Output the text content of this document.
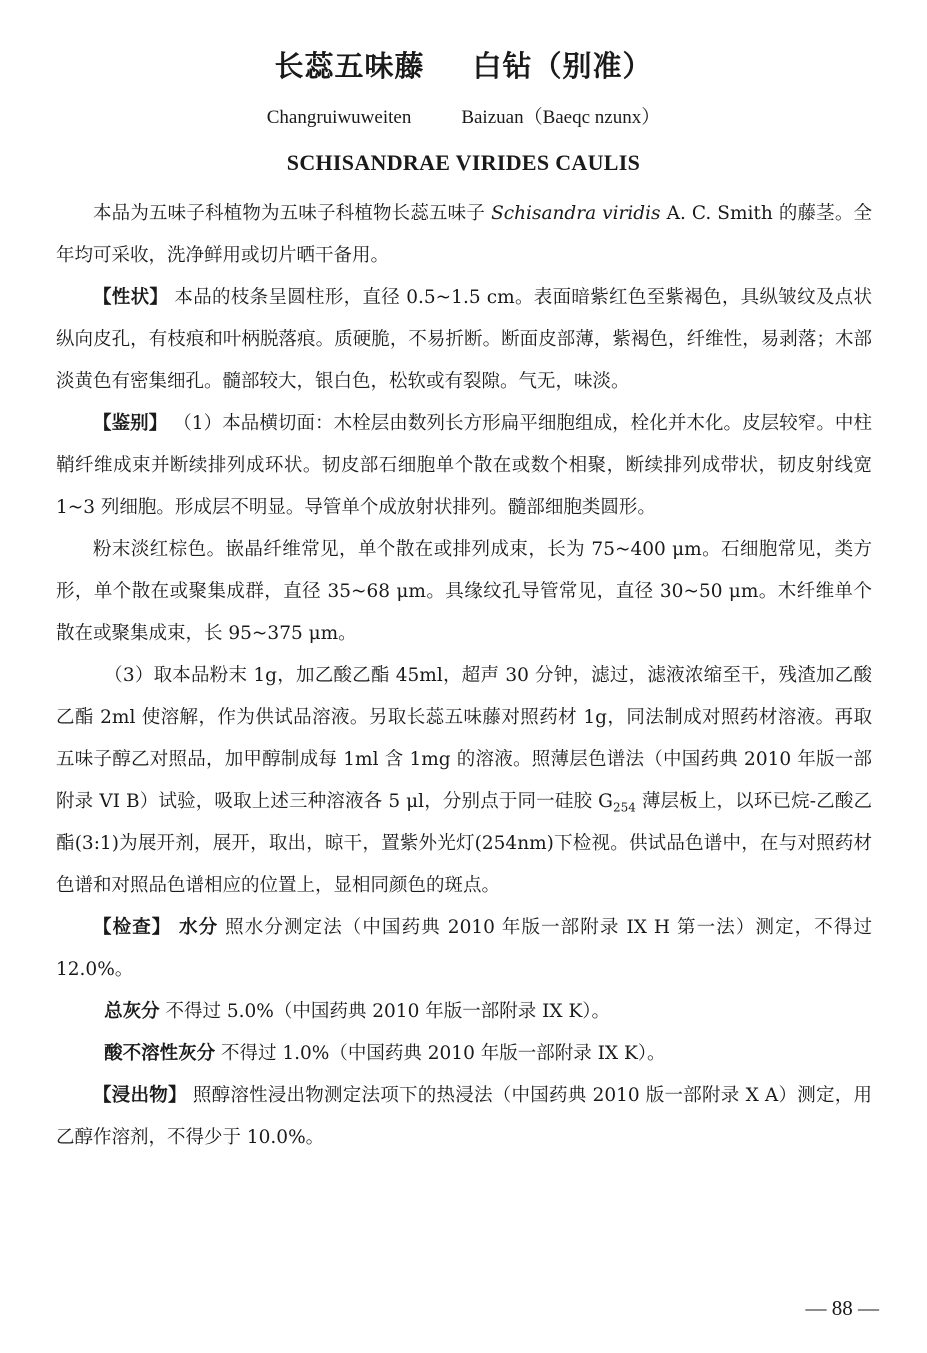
长蕊五味藤 白钻（别准）
Changruiwuweiten	Baizuan（Baeqc nzunx）
SCHISANDRAE VIRIDES CAULIS

本品为五味子科植物为五味子科植物长蕊五味子 Schisandra viridis A. C. Smith 的藤茎。全年均可采收，洗净鲜用或切片晒干备用。

【性状】 本品的枝条呈圆柱形，直径 0.5~1.5 cm。表面暗紫红色至紫褐色，具纵皱纹及点状纵向皮孔，有枝痕和叶柄脱落痕。质硬脆，不易折断。断面皮部薄，紫褐色，纤维性，易剥落；木部淡黄色有密集细孔。髓部较大，银白色，松软或有裂隙。气无，味淡。

【鉴别】 （1）本品横切面：木栓层由数列长方形扁平细胞组成，栓化并木化。皮层较窄。中柱鞘纤维成束并断续排列成环状。韧皮部石细胞单个散在或数个相聚，断续排列成带状，韧皮射线宽 1~3 列细胞。形成层不明显。导管单个成放射状排列。髓部细胞类圆形。

粉末淡红棕色。嵌晶纤维常见，单个散在或排列成束，长为 75~400 μm。石细胞常见，类方形，单个散在或聚集成群，直径 35~68 μm。具缘纹孔导管常见，直径 30~50 μm。木纤维单个散在或聚集成束，长 95~375 μm。

（3）取本品粉末 1g，加乙酸乙酯 45ml，超声 30 分钟，滤过，滤液浓缩至干，残渣加乙酸乙酯 2ml 使溶解，作为供试品溶液。另取长蕊五味藤对照药材 1g，同法制成对照药材溶液。再取五味子醇乙对照品，加甲醇制成每 1ml 含 1mg 的溶液。照薄层色谱法（中国药典 2010 年版一部附录 VI B）试验，吸取上述三种溶液各 5 μl，分别点于同一硅胶 $G_{254}$ 薄层板上，以环已烷-乙酸乙酯(3:1)为展开剂，展开，取出，晾干，置紫外光灯(254nm)下检视。供试品色谱中，在与对照药材色谱和对照品色谱相应的位置上，显相同颜色的斑点。

【检查】 水分 照水分测定法（中国药典 2010 年版一部附录 IX H 第一法）测定，不得过 12.0%。

总灰分 不得过 5.0%（中国药典 2010 年版一部附录 IX K）。

酸不溶性灰分 不得过 1.0%（中国药典 2010 年版一部附录 IX K）。

【浸出物】 照醇溶性浸出物测定法项下的热浸法（中国药典 2010 版一部附录 X A）测定，用乙醇作溶剂，不得少于 10.0%。

— 88 —
